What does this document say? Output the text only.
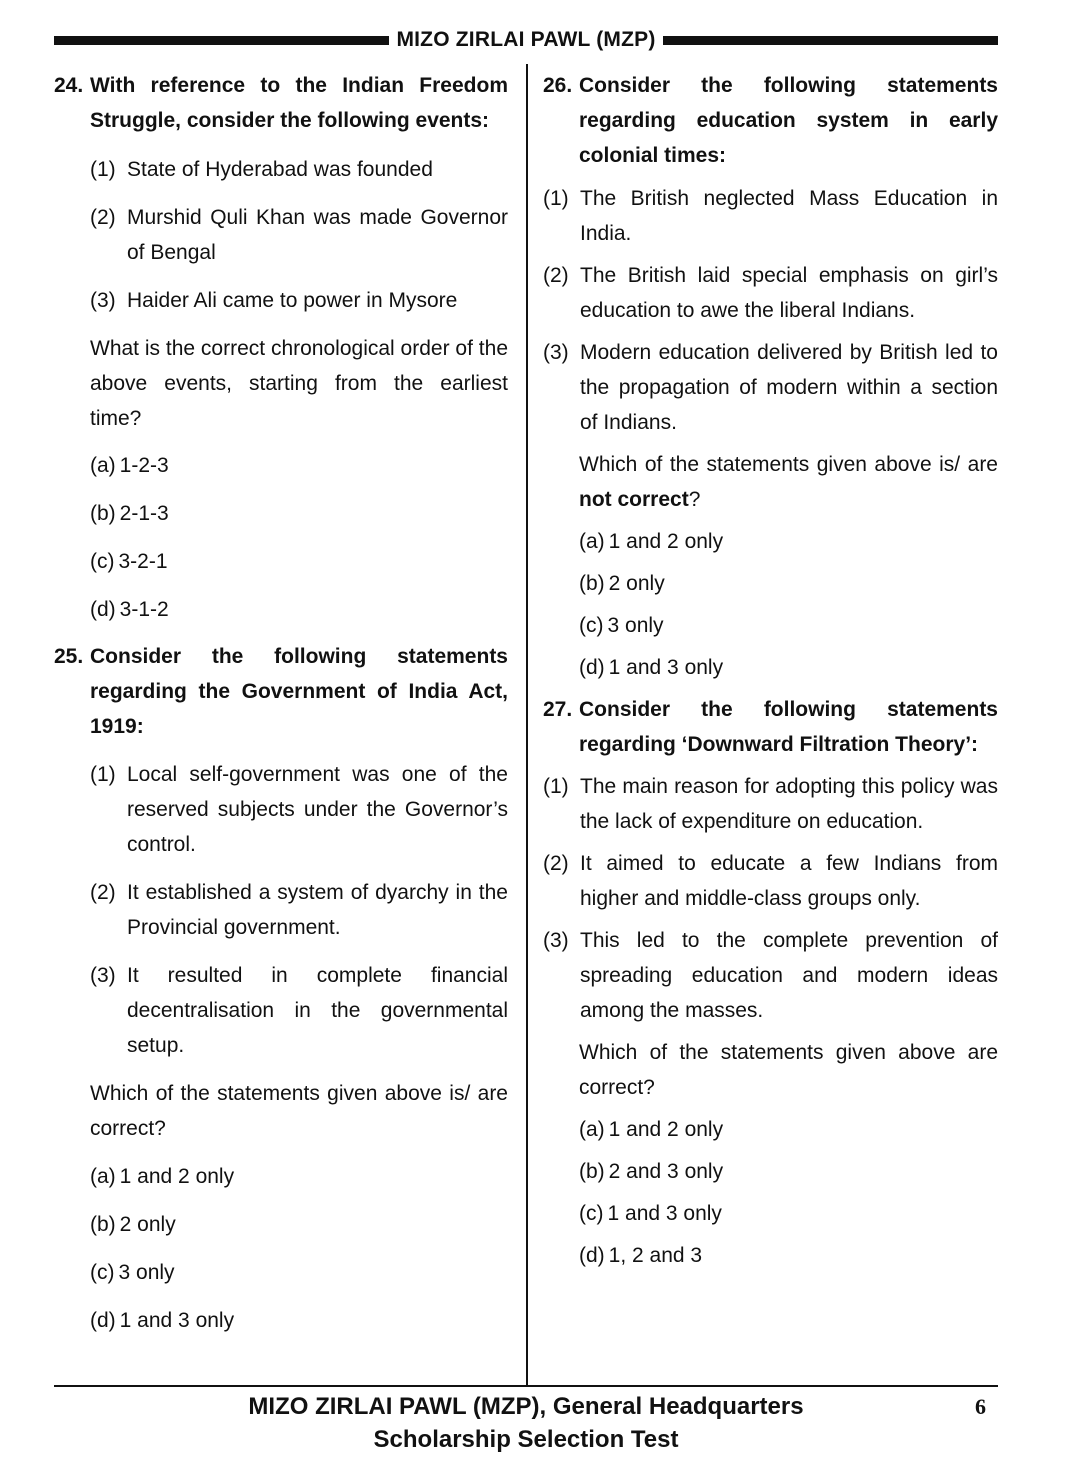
MIZO ZIRLAI PAWL (MZP)
24. With reference to the Indian Freedom Struggle, consider the following events:
(1) State of Hyderabad was founded
(2) Murshid Quli Khan was made Governor of Bengal
(3) Haider Ali came to power in Mysore
What is the correct chronological order of the above events, starting from the earliest time?
(a) 1-2-3
(b) 2-1-3
(c) 3-2-1
(d) 3-1-2
25. Consider the following statements regarding the Government of India Act, 1919:
(1) Local self-government was one of the reserved subjects under the Governor’s control.
(2) It established a system of dyarchy in the Provincial government.
(3) It resulted in complete financial decentralisation in the governmental setup.
Which of the statements given above is/ are correct?
(a) 1 and 2 only
(b) 2 only
(c) 3 only
(d) 1 and 3 only
26. Consider the following statements regarding education system in early colonial times:
(1) The British neglected Mass Education in India.
(2) The British laid special emphasis on girl’s education to awe the liberal Indians.
(3) Modern education delivered by British led to the propagation of modern within a section of Indians.
Which of the statements given above is/ are not correct?
(a) 1 and 2 only
(b) 2 only
(c) 3 only
(d) 1 and 3 only
27. Consider the following statements regarding ‘Downward Filtration Theory’:
(1) The main reason for adopting this policy was the lack of expenditure on education.
(2) It aimed to educate a few Indians from higher and middle-class groups only.
(3) This led to the complete prevention of spreading education and modern ideas among the masses.
Which of the statements given above are correct?
(a) 1 and 2 only
(b) 2 and 3 only
(c) 1 and 3 only
(d) 1, 2 and 3
MIZO ZIRLAI PAWL (MZP), General Headquarters
Scholarship Selection Test
6
